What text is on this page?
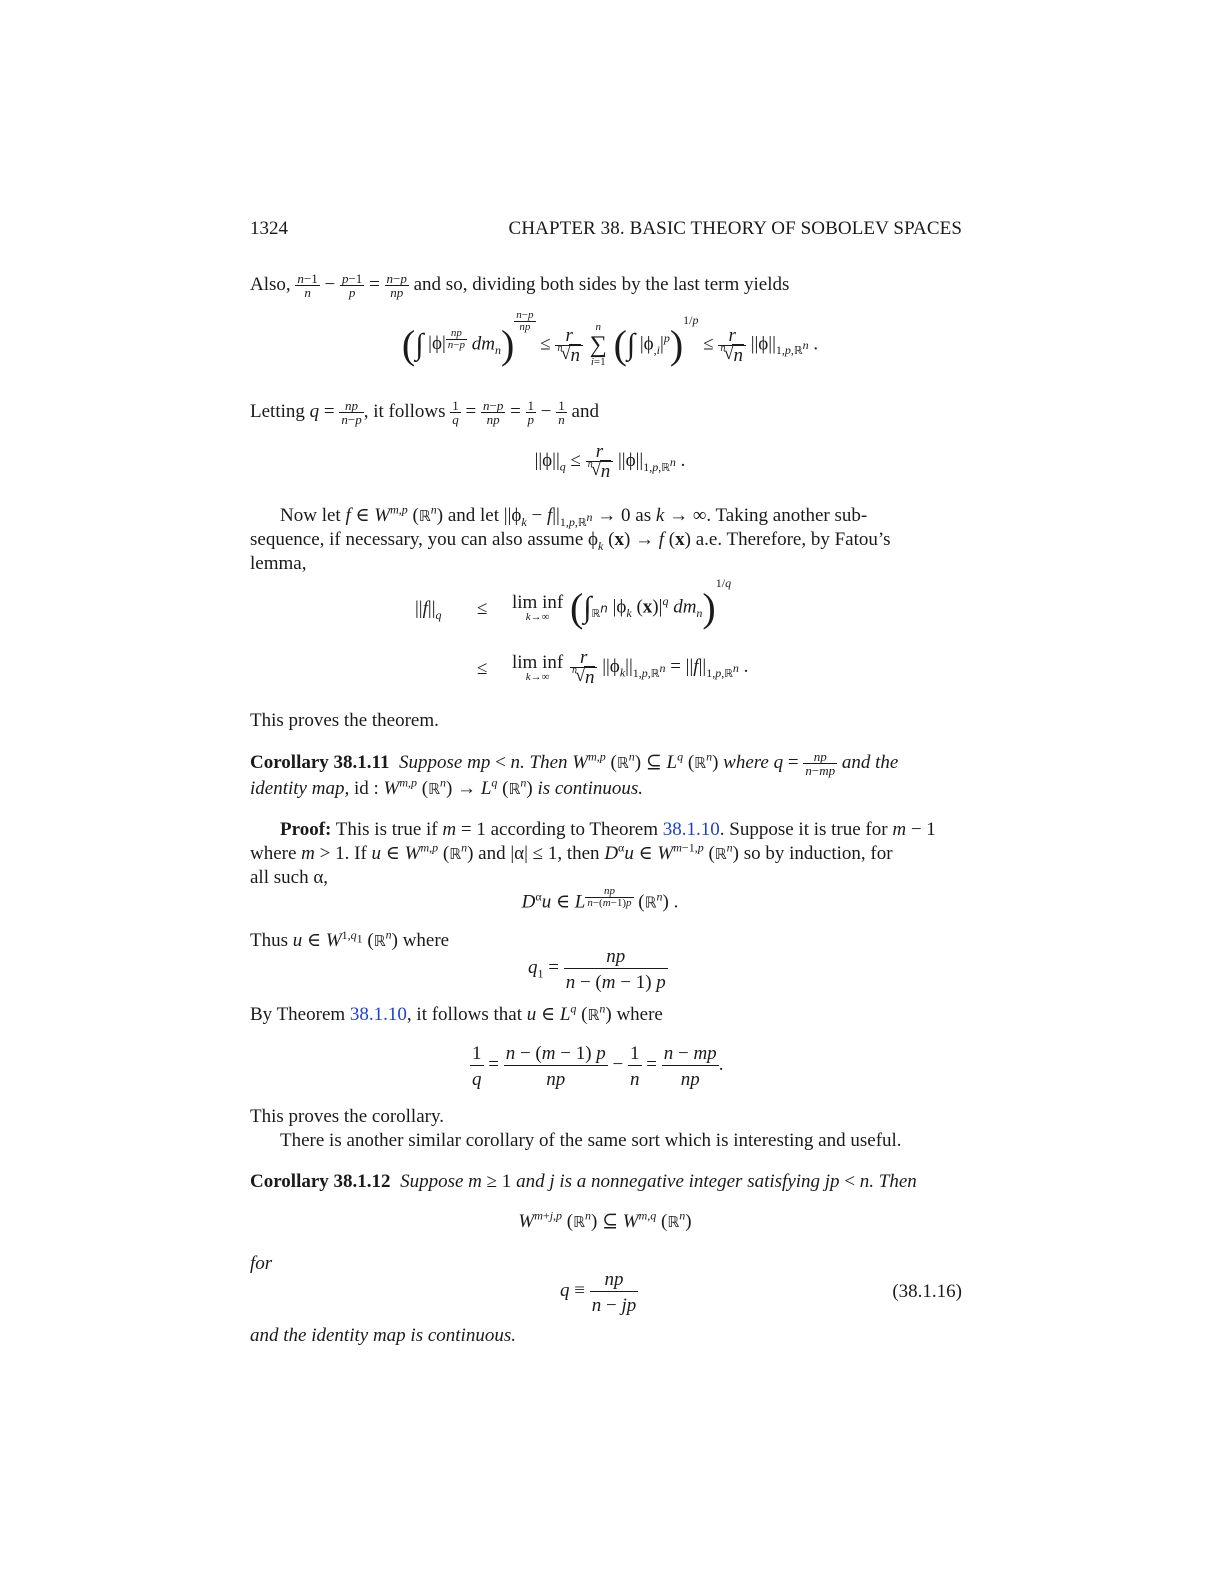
1324	CHAPTER 38. BASIC THEORY OF SOBOLEV SPACES
Also, $\frac{n-1}{n} - \frac{p-1}{p} = \frac{n-p}{np}$ and so, dividing both sides by the last term yields
(∫ |ϕ| $^{\frac{np}{n-p}}$ $dm_n$)
$^{\frac{n-p}{np}}$
≤ r
√ n n
	n
∑
i=1 (∫ $|\phi_{,i}|^p)^{1/p} \le r$
√ n n $||\phi||_{1,p,ℝ^n}$ .
Letting $q = \frac{np}{n-p}$ , it follows $\frac{1}{q} = \frac{n-p}{np} = \frac{1}{p} - \frac{1}{n}$ and
$||\phi||_q \le r$
√ n n $||\phi||_{1,p,ℝ^n}$ .
Now let f ∈ W$^{m,p}$ (ℝ$^n$) and let $||\phi_k - f||_{1,p,ℝ^n} \to 0$ as k → ∞. Taking another sub-
sequence, if necessary, you can also assume $\phi_k$ (x) → f (x) a.e. Therefore, by Fatou’s
lemma,
$||f||_q \le \lim$ inf
k→∞ ($\int_{ℝ^n}$ $|\phi_k$ $(x)|^q$ $dm_n)^{1/q}$
≤ lim inf
k→∞
	r
√ n n $||\phi_k||_{1,p,ℝ^n} = ||f||_{1,p,ℝ^n}$ .
This proves the theorem.
Corollary 38.1.11 Suppose mp < n. Then W$^{m,p}$ (ℝ$^n$) ⊆ $L^q$ (ℝ$^n$) where $q = \frac{np}{n-mp}$ and the
identity map, id : W$^{m,p}$ (ℝ$^n$) → $L^q$ (ℝ$^n$) is continuous.
Proof: This is true if m = 1 according to Theorem 38.1.10. Suppose it is true for m − 1
where m > 1. If u ∈ W$^{m,p}$ (ℝ$^n$) and |α| ≤ 1, then $D^\alpha u$ ∈ $W^{m-1,p}$ (ℝ$^n$) so by induction, for
all such α,
$D^\alpha u$ ∈ L $^{\frac{np}{n-(m-1)p}}$ (ℝ$^n$) .
Thus u ∈ $W^{1,q_1}$ (ℝ$^n$) where
$q_1 = \frac{np}{n - (m - 1) p}$
By Theorem 38.1.10, it follows that u ∈ $L^q$ (ℝ$^n$) where
$\frac{1}{q} = \frac{n - (m - 1) p}{np} - \frac{1}{n} = \frac{n - mp}{np}$ .
This proves the corollary.
There is another similar corollary of the same sort which is interesting and useful.
Corollary 38.1.12 Suppose m ≥ 1 and j is a nonnegative integer satisfying jp < n. Then
$W^{m+j,p}$ (ℝ$^n$) ⊆ W$^{m,q}$ (ℝ$^n$)
for
$q \equiv \frac{np}{n - jp}$	(38.1.16)
and the identity map is continuous.
